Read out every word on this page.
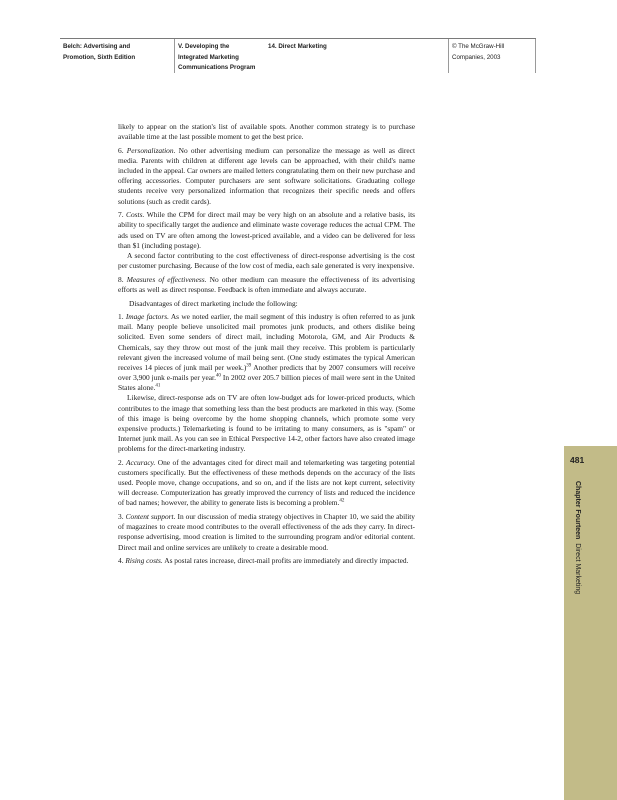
Belch: Advertising and
Promotion, Sixth Edition
V. Developing the
Integrated Marketing
Communications Program
14. Direct Marketing	© The McGraw-Hill
Companies, 2003
481
Chapter Fourteen  Direct Marketing

likely to appear on the station's list of available spots. Another common strategy is to purchase available time at the last possible moment to get the best price.

6. Personalization. No other advertising medium can personalize the message as well as direct media. Parents with children at different age levels can be approached, with their child's name included in the appeal. Car owners are mailed letters congratulating them on their new purchase and offering accessories. Computer purchasers are sent software solicitations. Graduating college students receive very personalized information that recognizes their specific needs and offers solutions (such as credit cards).

7. Costs. While the CPM for direct mail may be very high on an absolute and a relative basis, its ability to specifically target the audience and eliminate waste coverage reduces the actual CPM. The ads used on TV are often among the lowest-priced available, and a video can be delivered for less than $1 (including postage).

A second factor contributing to the cost effectiveness of direct-response advertising is the cost per customer purchasing. Because of the low cost of media, each sale generated is very inexpensive.

8. Measures of effectiveness. No other medium can measure the effectiveness of its advertising efforts as well as direct response. Feedback is often immediate and always accurate.

Disadvantages of direct marketing include the following:

1. Image factors. As we noted earlier, the mail segment of this industry is often referred to as junk mail. Many people believe unsolicited mail promotes junk products, and others dislike being solicited. Even some senders of direct mail, including Motorola, GM, and Air Products & Chemicals, say they throw out most of the junk mail they receive. This problem is particularly relevant given the increased volume of mail being sent. (One study estimates the typical American receives 14 pieces of junk mail per week.)$^{39}$ Another predicts that by 2007 consumers will receive over 3,900 junk e-mails per year.$^{40}$ In 2002 over 205.7 billion pieces of mail were sent in the United States alone.$^{41}$

Likewise, direct-response ads on TV are often low-budget ads for lower-priced products, which contributes to the image that something less than the best products are marketed in this way. (Some of this image is being overcome by the home shopping channels, which promote some very expensive products.) Telemarketing is found to be irritating to many consumers, as is "spam" or Internet junk mail. As you can see in Ethical Perspective 14-2, other factors have also created image problems for the direct-marketing industry.

2. Accuracy. One of the advantages cited for direct mail and telemarketing was targeting potential customers specifically. But the effectiveness of these methods depends on the accuracy of the lists used. People move, change occupations, and so on, and if the lists are not kept current, selectivity will decrease. Computerization has greatly improved the currency of lists and reduced the incidence of bad names; however, the ability to generate lists is becoming a problem.$^{42}$

3. Content support. In our discussion of media strategy objectives in Chapter 10, we said the ability of magazines to create mood contributes to the overall effectiveness of the ads they carry. In direct-response advertising, mood creation is limited to the surrounding program and/or editorial content. Direct mail and online services are unlikely to create a desirable mood.

4. Rising costs. As postal rates increase, direct-mail profits are immediately and directly impacted.
